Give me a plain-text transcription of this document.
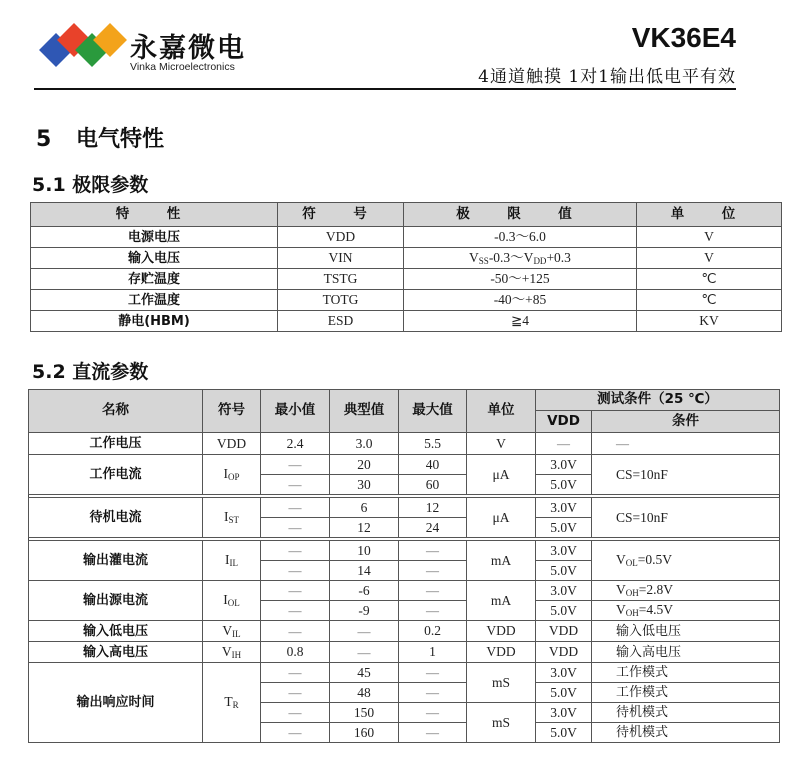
永嘉微电
Vinka Microelectronics
VK36E4
4通道触摸 1对1输出低电平有效
5 电气特性
5.1 极限参数
特　性	符　号	极　限　值	单　位
电源电压	VDD	-0.3～6.0	V
输入电压	VIN	$V_{SS}-0.3\sim V_{DD}+0.3$	V
存贮温度	TSTG	-50～+125	℃
工作温度	TOTG	-40～+85	℃
静电(HBM)	ESD	≧4	KV
5.2 直流参数
名称	符号	最小值	典型值	最大值	单位	测试条件（25 ℃）	
						VDD	条件
工作电压	VDD	2.4	3.0	5.5	V	—	—
工作电流	$I_{OP}$	—	20	40	μA	3.0V	CS=10nF
		—	30	60		5.0V	

待机电流	$I_{ST}$	—	6	12	μA	3.0V	CS=10nF
		—	12	24		5.0V	

输出灌电流	$I_{IL}$	—	10	—	mA	3.0V	$V_{OL}=0.5V$
		—	14	—		5.0V	
输出源电流	$I_{OL}$	—	-6	—	mA	3.0V	$V_{OH}=2.8V$
		—	-9	—		5.0V	$V_{OH}=4.5V$
输入低电压	$V_{IL}$	—	—	0.2	VDD	VDD	输入低电压
输入高电压	$V_{IH}$	0.8	—	1	VDD	VDD	输入高电压
输出响应时间	$T_R$	—	45	—	mS	3.0V	工作模式
		—	48	—		5.0V	工作模式
		—	150	—	mS	3.0V	待机模式
		—	160	—		5.0V	待机模式
